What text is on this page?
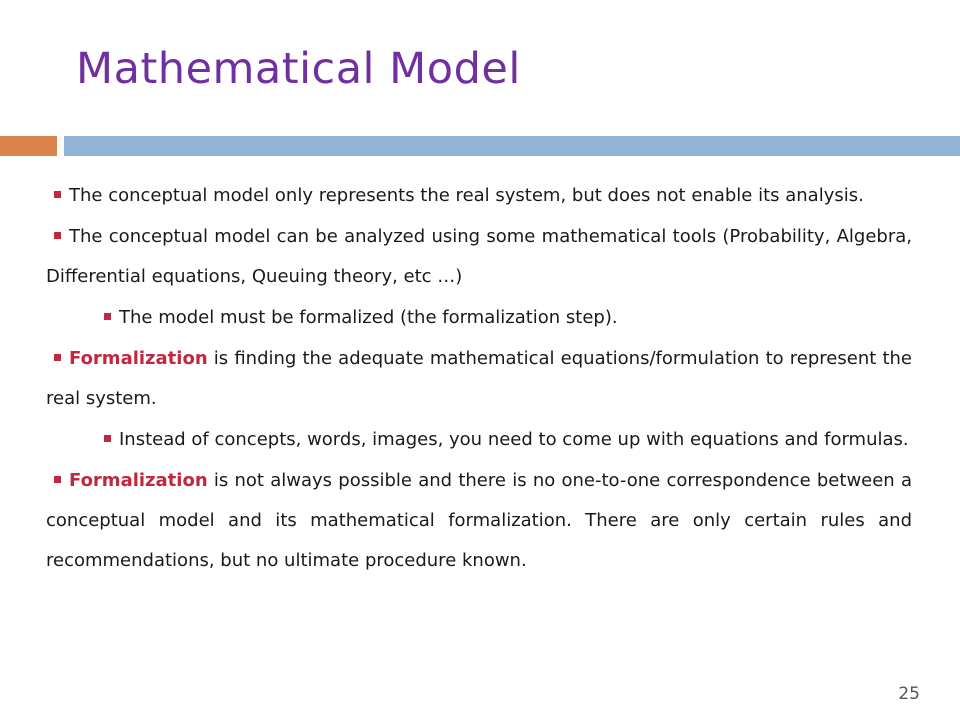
Mathematical Model
The conceptual model only represents the real system, but does not enable its analysis.
The conceptual model can be analyzed using some mathematical tools (Probability, Algebra, Differential equations, Queuing theory, etc …)
The model must be formalized (the formalization step).
Formalization is finding the adequate mathematical equations/formulation to represent the real system.
Instead of concepts, words, images, you need to come up with equations and formulas.
Formalization is not always possible and there is no one-to-one correspondence between a conceptual model and its mathematical formalization. There are only certain rules and recommendations, but no ultimate procedure known.
25
